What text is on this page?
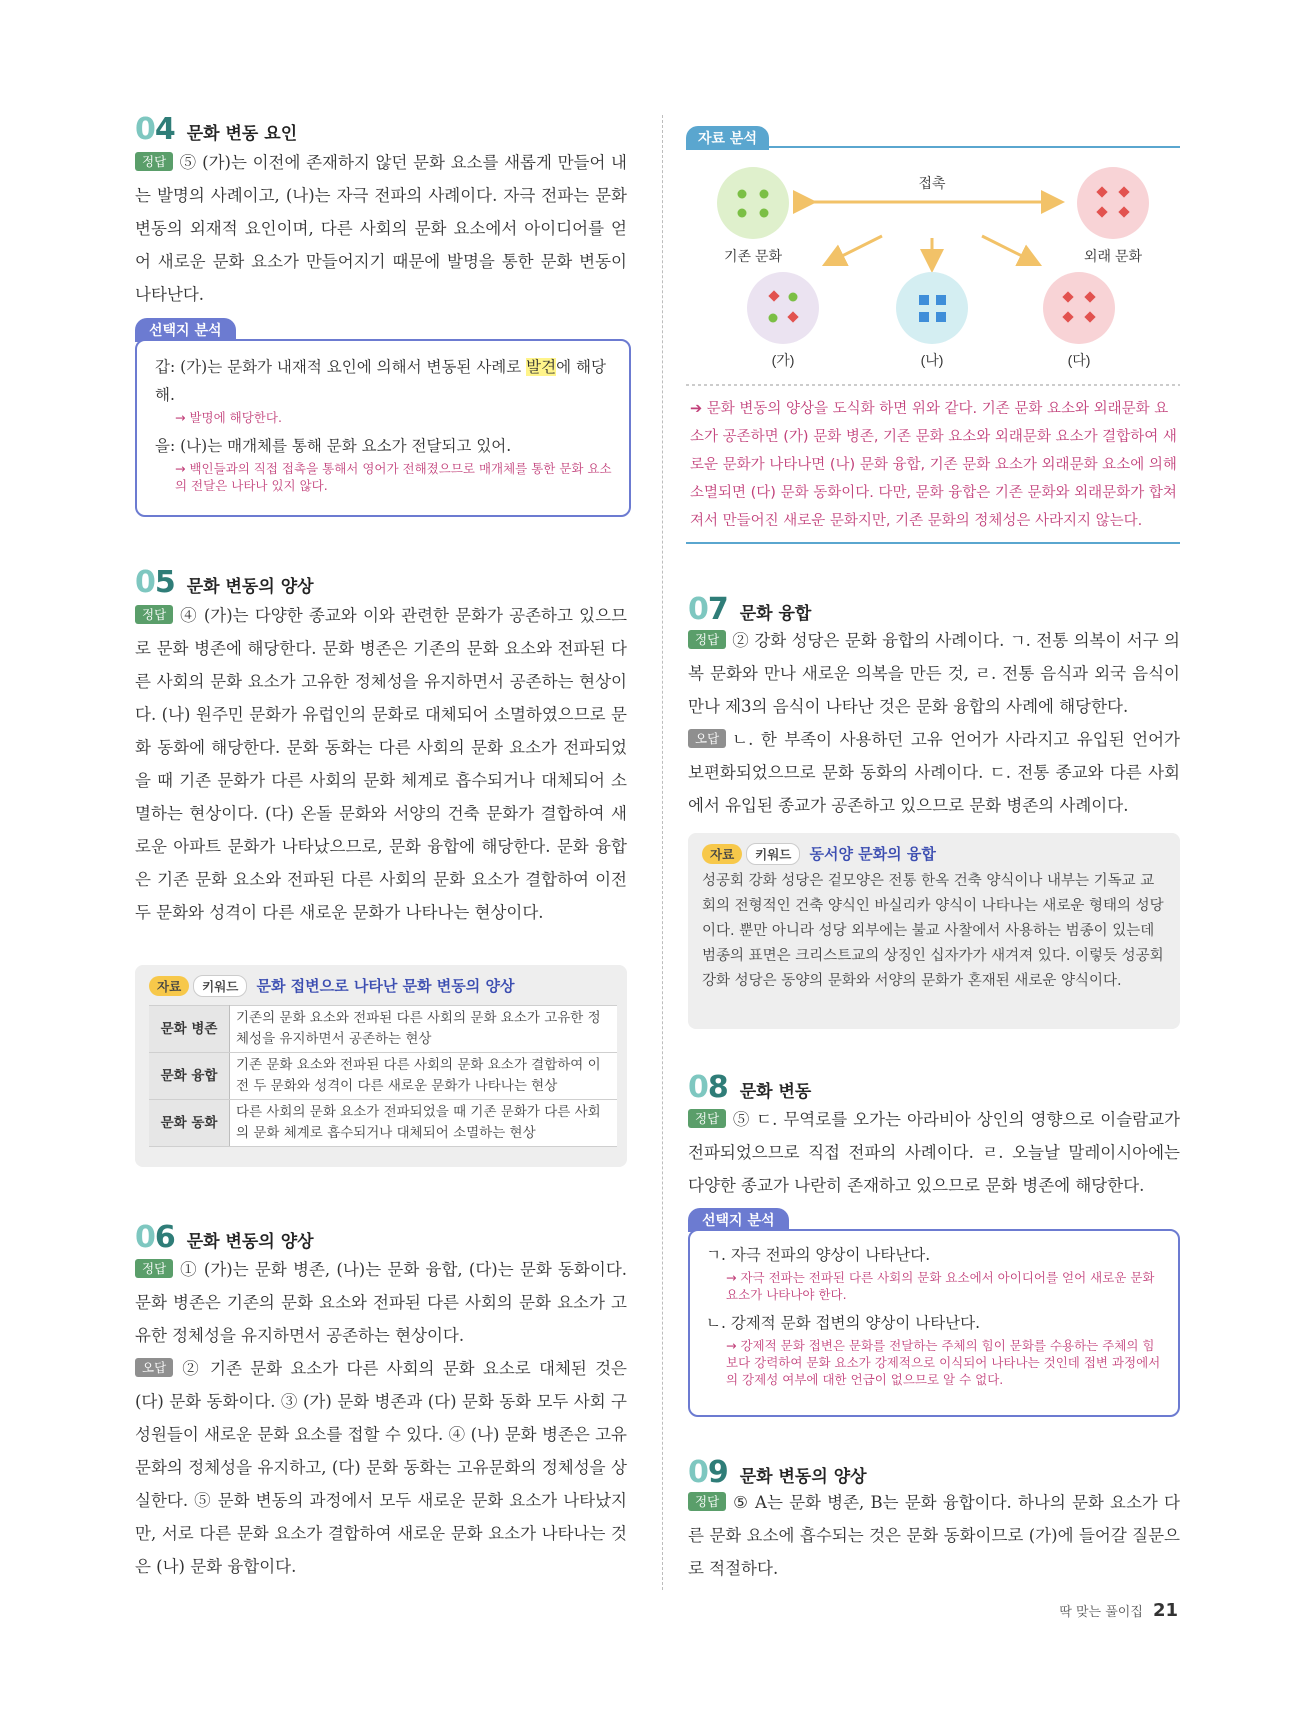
04 문화 변동 요인
정답 ⑤ (가)는 이전에 존재하지 않던 문화 요소를 새롭게 만들어 내는 발명의 사례이고, (나)는 자극 전파의 사례이다. 자극 전파는 문화 변동의 외재적 요인이며, 다른 사회의 문화 요소에서 아이디어를 얻어 새로운 문화 요소가 만들어지기 때문에 발명을 통한 문화 변동이 나타난다.
선택지 분석
갑: (가)는 문화가 내재적 요인에 의해서 변동된 사례로 발견에 해당해.
→ 발명에 해당한다.
을: (나)는 매개체를 통해 문화 요소가 전달되고 있어.
→ 백인들과의 직접 접촉을 통해서 영어가 전해졌으므로 매개체를 통한 문화 요소의 전달은 나타나 있지 않다.
05 문화 변동의 양상
정답 ④ (가)는 다양한 종교와 이와 관련한 문화가 공존하고 있으므로 문화 병존에 해당한다. 문화 병존은 기존의 문화 요소와 전파된 다른 사회의 문화 요소가 고유한 정체성을 유지하면서 공존하는 현상이다. (나) 원주민 문화가 유럽인의 문화로 대체되어 소멸하였으므로 문화 동화에 해당한다. 문화 동화는 다른 사회의 문화 요소가 전파되었을 때 기존 문화가 다른 사회의 문화 체계로 흡수되거나 대체되어 소멸하는 현상이다. (다) 온돌 문화와 서양의 건축 문화가 결합하여 새로운 아파트 문화가 나타났으므로, 문화 융합에 해당한다. 문화 융합은 기존 문화 요소와 전파된 다른 사회의 문화 요소가 결합하여 이전 두 문화와 성격이 다른 새로운 문화가 나타나는 현상이다.
자료 키워드 문화 접변으로 나타난 문화 변동의 양상
문화 병존	기존의 문화 요소와 전파된 다른 사회의 문화 요소가 고유한 정체성을 유지하면서 공존하는 현상
문화 융합	기존 문화 요소와 전파된 다른 사회의 문화 요소가 결합하여 이전 두 문화와 성격이 다른 새로운 문화가 나타나는 현상
문화 동화	다른 사회의 문화 요소가 전파되었을 때 기존 문화가 다른 사회의 문화 체계로 흡수되거나 대체되어 소멸하는 현상
06 문화 변동의 양상
정답 ① (가)는 문화 병존, (나)는 문화 융합, (다)는 문화 동화이다. 문화 병존은 기존의 문화 요소와 전파된 다른 사회의 문화 요소가 고유한 정체성을 유지하면서 공존하는 현상이다.
오답 ② 기존 문화 요소가 다른 사회의 문화 요소로 대체된 것은 (다) 문화 동화이다. ③ (가) 문화 병존과 (다) 문화 동화 모두 사회 구성원들이 새로운 문화 요소를 접할 수 있다. ④ (나) 문화 병존은 고유문화의 정체성을 유지하고, (다) 문화 동화는 고유문화의 정체성을 상실한다. ⑤ 문화 변동의 과정에서 모두 새로운 문화 요소가 나타났지만, 서로 다른 문화 요소가 결합하여 새로운 문화 요소가 나타나는 것은 (나) 문화 융합이다.
자료 분석
기존 문화	외래 문화
접촉
(가)	(나)	(다)
➔ 문화 변동의 양상을 도식화 하면 위와 같다. 기존 문화 요소와 외래문화 요소가 공존하면 (가) 문화 병존, 기존 문화 요소와 외래문화 요소가 결합하여 새로운 문화가 나타나면 (나) 문화 융합, 기존 문화 요소가 외래문화 요소에 의해 소멸되면 (다) 문화 동화이다. 다만, 문화 융합은 기존 문화와 외래문화가 합쳐져서 만들어진 새로운 문화지만, 기존 문화의 정체성은 사라지지 않는다.
07 문화 융합
정답 ② 강화 성당은 문화 융합의 사례이다. ㄱ. 전통 의복이 서구 의복 문화와 만나 새로운 의복을 만든 것, ㄹ. 전통 음식과 외국 음식이 만나 제3의 음식이 나타난 것은 문화 융합의 사례에 해당한다.
오답 ㄴ. 한 부족이 사용하던 고유 언어가 사라지고 유입된 언어가 보편화되었으므로 문화 동화의 사례이다. ㄷ. 전통 종교와 다른 사회에서 유입된 종교가 공존하고 있으므로 문화 병존의 사례이다.
자료 키워드 동서양 문화의 융합
성공회 강화 성당은 겉모양은 전통 한옥 건축 양식이나 내부는 기독교 교회의 전형적인 건축 양식인 바실리카 양식이 나타나는 새로운 형태의 성당이다. 뿐만 아니라 성당 외부에는 불교 사찰에서 사용하는 범종이 있는데 범종의 표면은 크리스트교의 상징인 십자가가 새겨져 있다. 이렇듯 성공회 강화 성당은 동양의 문화와 서양의 문화가 혼재된 새로운 양식이다.
08 문화 변동
정답 ⑤ ㄷ. 무역로를 오가는 아라비아 상인의 영향으로 이슬람교가 전파되었으므로 직접 전파의 사례이다. ㄹ. 오늘날 말레이시아에는 다양한 종교가 나란히 존재하고 있으므로 문화 병존에 해당한다.
선택지 분석
ㄱ. 자극 전파의 양상이 나타난다.
→ 자극 전파는 전파된 다른 사회의 문화 요소에서 아이디어를 얻어 새로운 문화 요소가 나타나야 한다.
ㄴ. 강제적 문화 접변의 양상이 나타난다.
→ 강제적 문화 접변은 문화를 전달하는 주체의 힘이 문화를 수용하는 주체의 힘보다 강력하여 문화 요소가 강제적으로 이식되어 나타나는 것인데 접변 과정에서의 강제성 여부에 대한 언급이 없으므로 알 수 없다.
09 문화 변동의 양상
정답 ⑤ A는 문화 병존, B는 문화 융합이다. 하나의 문화 요소가 다른 문화 요소에 흡수되는 것은 문화 동화이므로 (가)에 들어갈 질문으로 적절하다.
딱 맞는 풀이집 21
